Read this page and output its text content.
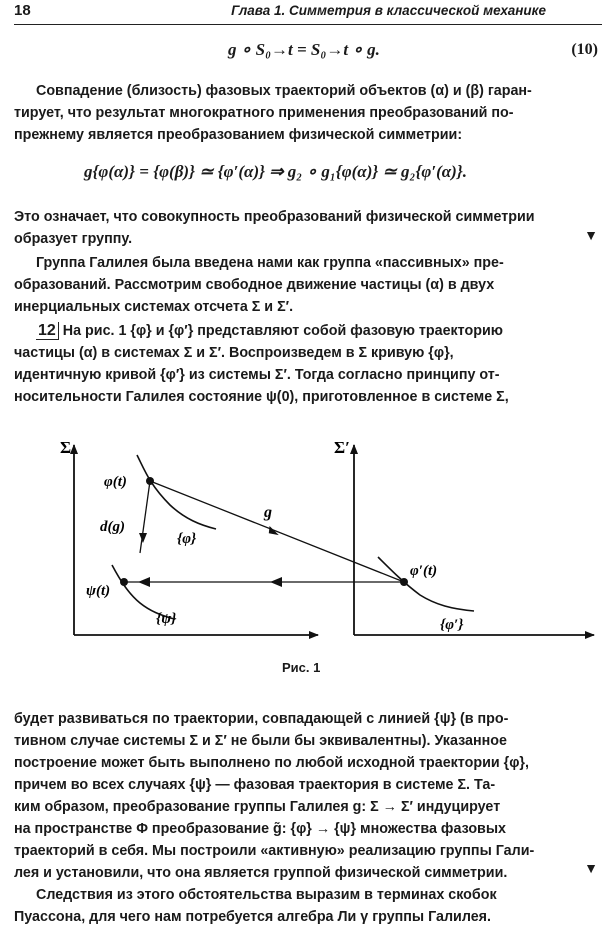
18	Глава 1. Симметрия в классической механике
g ∘ S₀→t = S₀→t ∘ g.	(10)
Совпадение (близость) фазовых траекторий объектов (α) и (β) гаран-
тирует, что результат многократного применения преобразований по-
прежнему является преобразованием физической симметрии:
g{φ(α)} = {φ(β)} ≃ {φ′(α)} ⇒ g₂ ∘ g₁{φ(α)} ≃ g₂{φ′(α)}.
Это означает, что совокупность преобразований физической симметрии
образует группу.	▼
Группа Галилея была введена нами как группа «пассивных» пре-
образований. Рассмотрим свободное движение частицы (α) в двух
инерциальных системах отсчета Σ и Σ′.
12 На рис. 1 {φ} и {φ′} представляют собой фазовую траекторию
частицы (α) в системах Σ и Σ′. Воспроизведем в Σ кривую {φ},
идентичную кривой {φ′} из системы Σ′. Тогда согласно принципу от-
носительности Галилея состояние ψ(0), приготовленное в системе Σ,
Σ	Σ′
φ(t)
d(g)
{φ}
ψ(t)
{ψ}
g
φ′(t)
{φ′}
Рис. 1
будет развиваться по траектории, совпадающей с линией {ψ} (в про-
тивном случае системы Σ и Σ′ не были бы эквивалентны). Указанное
построение может быть выполнено по любой исходной траектории {φ},
причем во всех случаях {ψ} — фазовая траектория в системе Σ. Та-
ким образом, преобразование группы Галилея g: Σ → Σ′ индуцирует
на пространстве Φ преобразование g̃: {φ} → {ψ} множества фазовых
траекторий в себя. Мы построили «активную» реализацию группы Гали-
лея и установили, что она является группой физической симметрии.	▼
Следствия из этого обстоятельства выразим в терминах скобок
Пуассона, для чего нам потребуется алгебра Ли γ группы Галилея.
